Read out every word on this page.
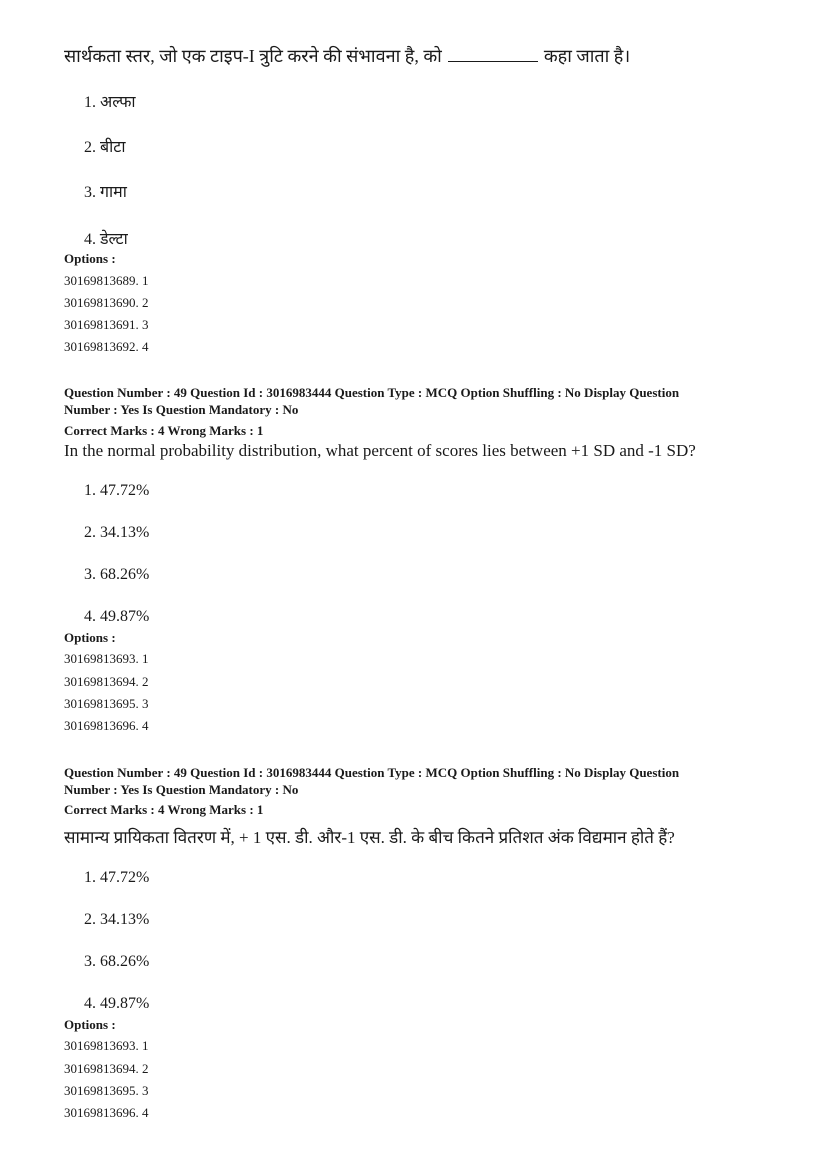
सार्थकता स्तर, जो एक टाइप-I त्रुटि करने की संभावना है, को	कहा जाता है।
1. अल्फा
2. बीटा
3. गामा
4. डेल्टा
Options :
30169813689. 1
30169813690. 2
30169813691. 3
30169813692. 4
Question Number : 49 Question Id : 3016983444 Question Type : MCQ Option Shuffling : No Display Question
Number : Yes Is Question Mandatory : No
Correct Marks : 4 Wrong Marks : 1
In the normal probability distribution, what percent of scores lies between +1 SD and -1 SD?
1. 47.72%
2. 34.13%
3. 68.26%
4. 49.87%
Options :
30169813693. 1
30169813694. 2
30169813695. 3
30169813696. 4
Question Number : 49 Question Id : 3016983444 Question Type : MCQ Option Shuffling : No Display Question
Number : Yes Is Question Mandatory : No
Correct Marks : 4 Wrong Marks : 1
सामान्य प्रायिकता वितरण में, + 1 एस. डी. और-1 एस. डी. के बीच कितने प्रतिशत अंक विद्यमान होते हैं?
1. 47.72%
2. 34.13%
3. 68.26%
4. 49.87%
Options :
30169813693. 1
30169813694. 2
30169813695. 3
30169813696. 4
